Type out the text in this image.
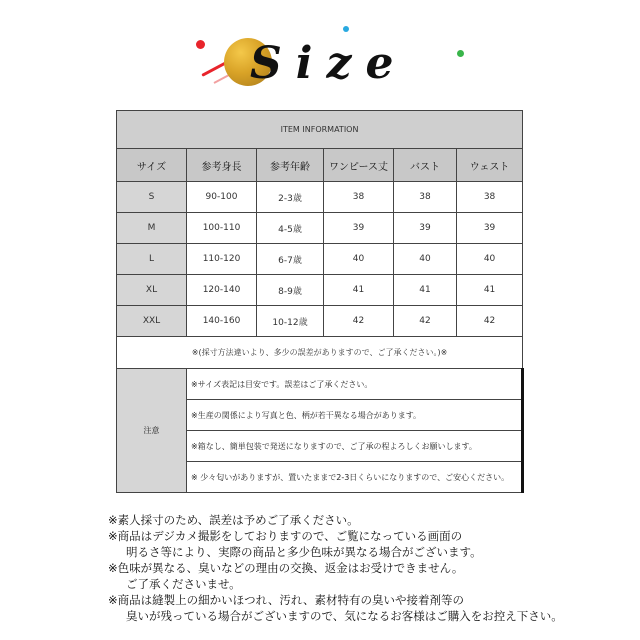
Size
ITEM INFORMATION					
サイズ	参考身長	参考年齢	ワンピース丈	バスト	ウェスト
S	90-100	2-3歳	38	38	38
M	100-110	4-5歳	39	39	39
L	110-120	6-7歳	40	40	40
XL	120-140	8-9歳	41	41	41
XXL	140-160	10-12歳	42	42	42
※(採寸方法違いより、多少の誤差がありますので、ご了承ください。)※					
注意	※サイズ表記は目安です。誤差はご了承ください。				
	※生産の関係により写真と色、柄が若干異なる場合があります。				
	※箱なし、簡単包装で発送になりますので、ご了承の程よろしくお願いします。				
	※ 少々匂いがありますが、置いたままで2-3日くらいになりますので、ご安心ください。				
※素人採寸のため、誤差は予めご了承ください。
※商品はデジカメ撮影をしておりますので、ご覧になっている画面の
明るさ等により、実際の商品と多少色味が異なる場合がございます。
※色味が異なる、臭いなどの理由の交換、返金はお受けできません。
ご了承くださいませ。
※商品は縫製上の細かいほつれ、汚れ、素材特有の臭いや接着剤等の
臭いが残っている場合がございますので、気になるお客様はご購入をお控え下さい。
